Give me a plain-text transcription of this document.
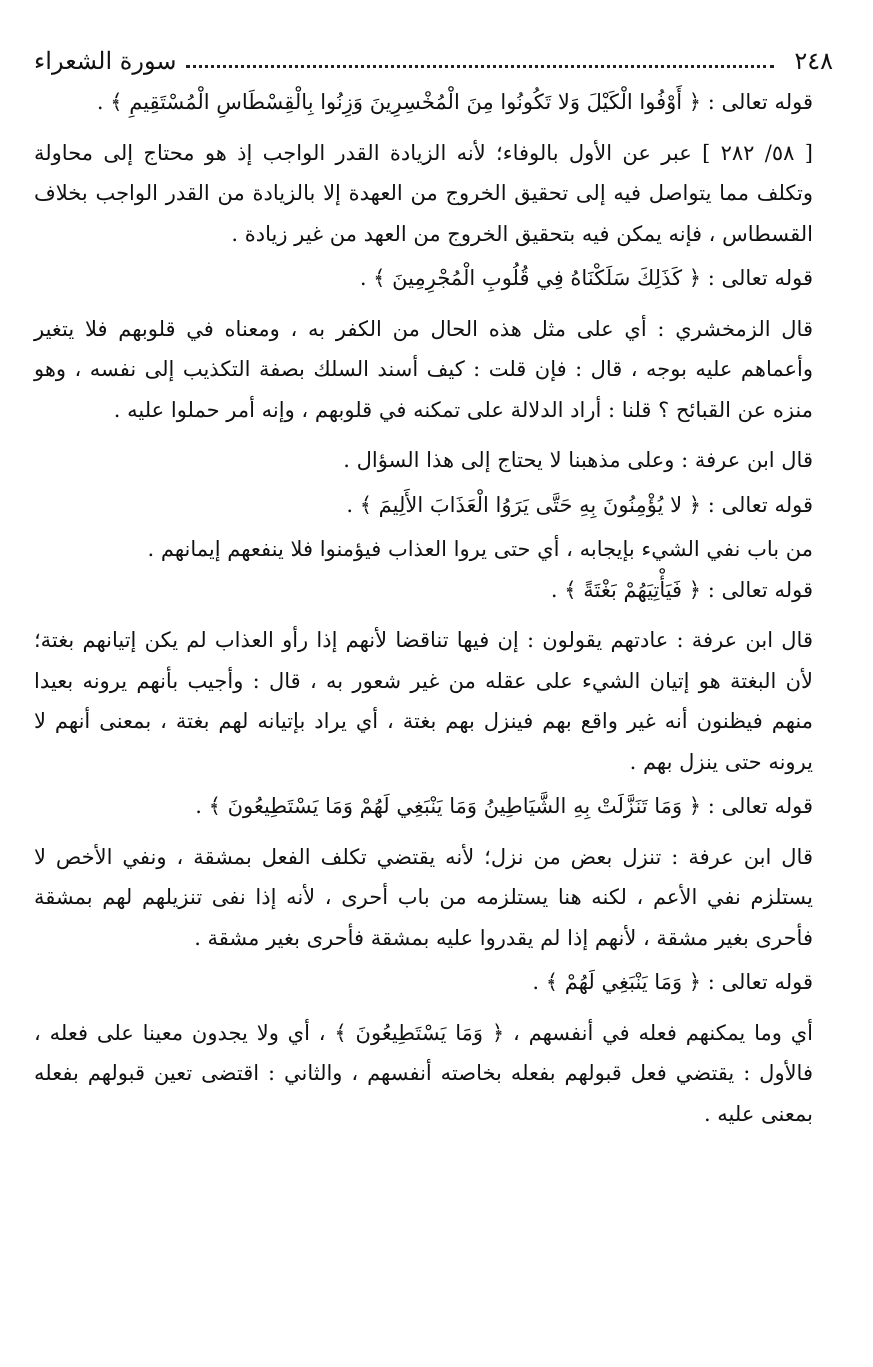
٢٤٨
سورة الشعراء

قوله تعالى : ﴿ أَوْفُوا الْكَيْلَ وَلا تَكُونُوا مِنَ الْمُخْسِرِينَ وَزِنُوا بِالْقِسْطَاسِ الْمُسْتَقِيمِ ﴾ .

[ ٥٨/ ٢٨٢ ] عبر عن الأول بالوفاء؛ لأنه الزيادة القدر الواجب إذ هو محتاج إلى محاولة وتكلف مما يتواصل فيه إلى تحقيق الخروج من العهدة إلا بالزيادة من القدر الواجب بخلاف القسطاس ، فإنه يمكن فيه بتحقيق الخروج من العهد من غير زيادة .

قوله تعالى : ﴿ كَذَلِكَ سَلَكْنَاهُ فِي قُلُوبِ الْمُجْرِمِينَ ﴾ .

قال الزمخشري : أي على مثل هذه الحال من الكفر به ، ومعناه في قلوبهم فلا يتغير وأعماهم عليه بوجه ، قال : فإن قلت : كيف أسند السلك بصفة التكذيب إلى نفسه ، وهو منزه عن القبائح ؟ قلنا : أراد الدلالة على تمكنه في قلوبهم ، وإنه أمر حملوا عليه .

قال ابن عرفة : وعلى مذهبنا لا يحتاج إلى هذا السؤال .

قوله تعالى : ﴿ لا يُؤْمِنُونَ بِهِ حَتَّى يَرَوُا الْعَذَابَ الأَلِيمَ ﴾ .

من باب نفي الشيء بإيجابه ، أي حتى يروا العذاب فيؤمنوا فلا ينفعهم إيمانهم .

قوله تعالى : ﴿ فَيَأْتِيَهُمْ بَغْتَةً ﴾ .

قال ابن عرفة : عادتهم يقولون : إن فيها تناقضا لأنهم إذا رأو العذاب لم يكن إتيانهم بغتة؛ لأن البغتة هو إتيان الشيء على عقله من غير شعور به ، قال : وأجيب بأنهم يرونه بعيدا منهم فيظنون أنه غير واقع بهم فينزل بهم بغتة ، أي يراد بإتيانه لهم بغتة ، بمعنى أنهم لا يرونه حتى ينزل بهم .

قوله تعالى : ﴿ وَمَا تَنَزَّلَتْ بِهِ الشَّيَاطِينُ وَمَا يَنْبَغِي لَهُمْ وَمَا يَسْتَطِيعُونَ ﴾ .

قال ابن عرفة : تنزل بعض من نزل؛ لأنه يقتضي تكلف الفعل بمشقة ، ونفي الأخص لا يستلزم نفي الأعم ، لكنه هنا يستلزمه من باب أحرى ، لأنه إذا نفى تنزيلهم لهم بمشقة فأحرى بغير مشقة ، لأنهم إذا لم يقدروا عليه بمشقة فأحرى بغير مشقة .

قوله تعالى : ﴿ وَمَا يَنْبَغِي لَهُمْ ﴾ .

أي وما يمكنهم فعله في أنفسهم ، ﴿ وَمَا يَسْتَطِيعُونَ ﴾ ، أي ولا يجدون معينا على فعله ، فالأول : يقتضي فعل قبولهم بفعله بخاصته أنفسهم ، والثاني : اقتضى تعين قبولهم بفعله بمعنى عليه .
